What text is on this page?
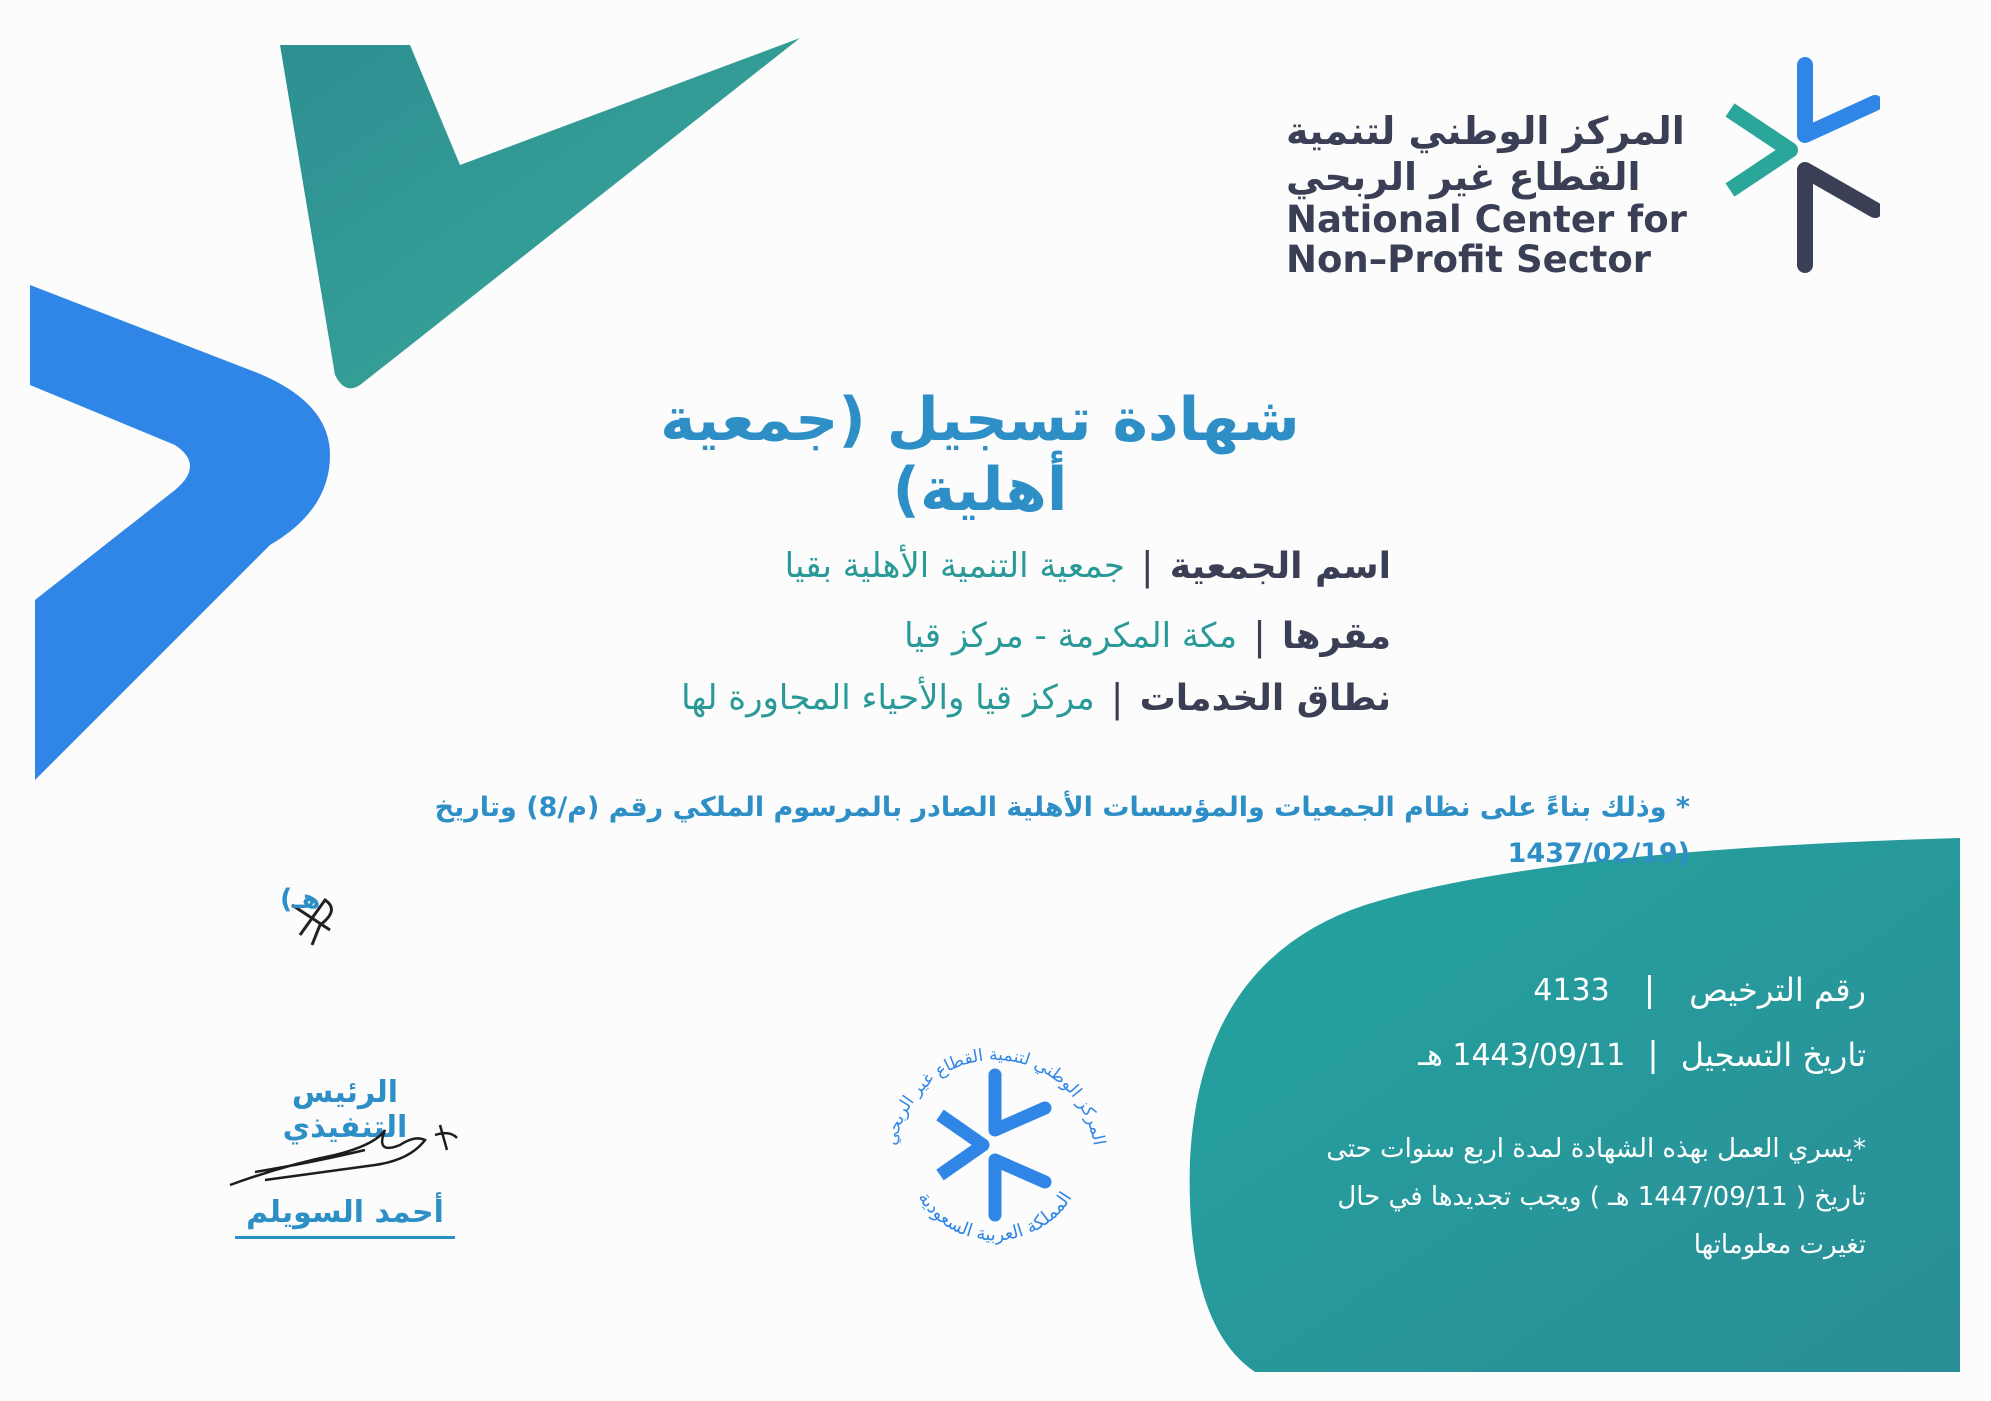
المركز الوطني لتنمية
القطاع غير الربحي
National Center for
Non–Profit Sector
شهادة تسجيل (جمعية أهلية)
اسم الجمعية
|
جمعية التنمية الأهلية بقيا
مقرها
|
مكة المكرمة - مركز قيا
نطاق الخدمات
|
مركز قيا والأحياء المجاورة لها
* وذلك بناءً على نظام الجمعيات والمؤسسات الأهلية الصادر بالمرسوم الملكي رقم (م/8) وتاريخ (1437/02/19
هـ)
رقم الترخيص
|
4133
تاريخ التسجيل
|
1443/09/11 هـ
*يسري العمل بهذه الشهادة لمدة اربع سنوات حتى
تاريخ ( 1447/09/11 هـ ) ويجب تجديدها في حال
تغيرت معلوماتها
المركز الوطني لتنمية القطاع غير الربحي
المملكة العربية السعودية
الرئيس التنفيذي
أحمد السويلم
